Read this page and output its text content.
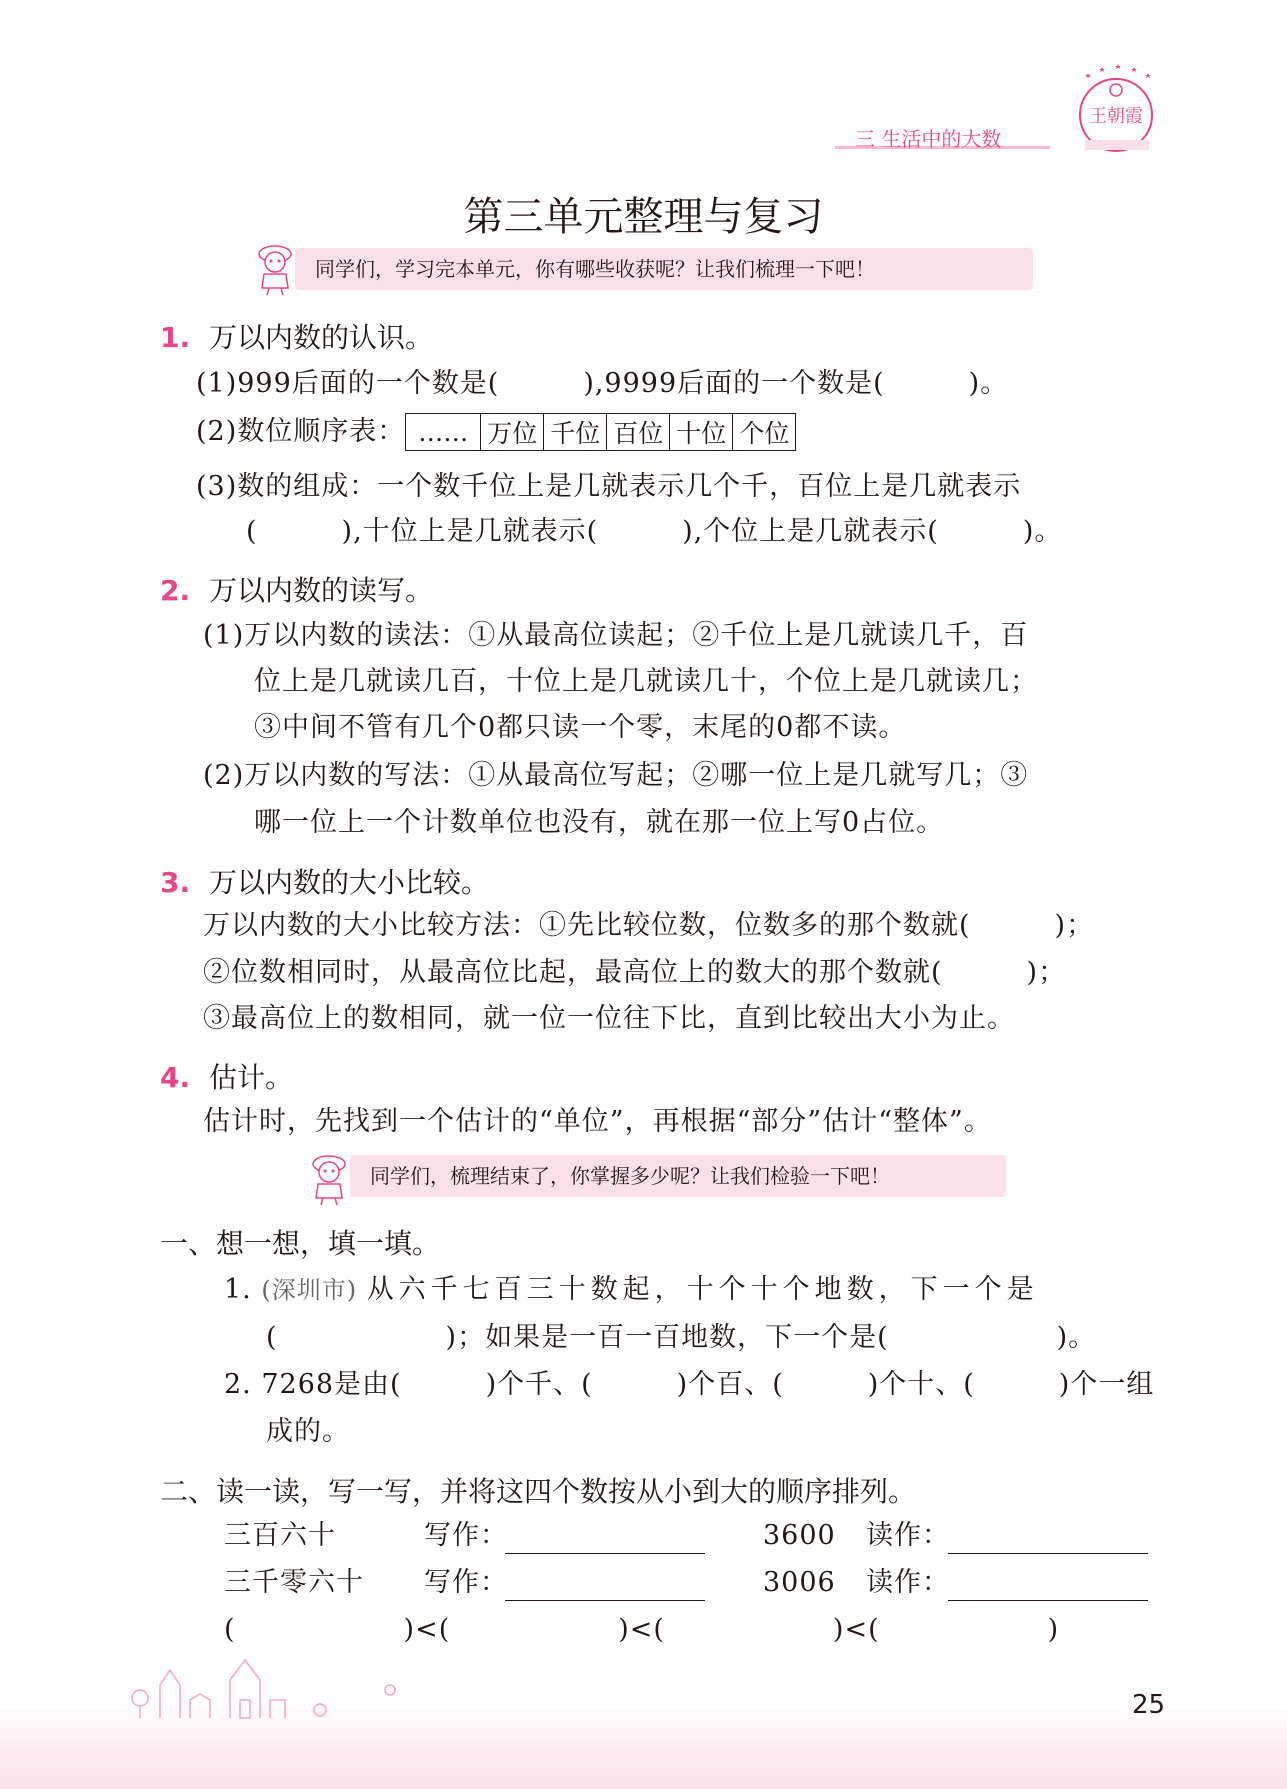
三 生活中的大数
王朝霞
第三单元整理与复习
同学们，学习完本单元，你有哪些收获呢？让我们梳理一下吧！
1. 万以内数的认识。
(1)999后面的一个数是(　　　),9999后面的一个数是(　　　)。
(2)数位顺序表： ……	万位	千位	百位	十位	个位
(3)数的组成：一个数千位上是几就表示几个千，百位上是几就表示
(　　　),十位上是几就表示(　　　),个位上是几就表示(　　　)。
2. 万以内数的读写。
(1)万以内数的读法：①从最高位读起；②千位上是几就读几千，百
位上是几就读几百，十位上是几就读几十，个位上是几就读几；
③中间不管有几个0都只读一个零，末尾的0都不读。
(2)万以内数的写法：①从最高位写起；②哪一位上是几就写几；③
哪一位上一个计数单位也没有，就在那一位上写0占位。
3. 万以内数的大小比较。
万以内数的大小比较方法：①先比较位数，位数多的那个数就(　　　)；
②位数相同时，从最高位比起，最高位上的数大的那个数就(　　　)；
③最高位上的数相同，就一位一位往下比，直到比较出大小为止。
4. 估计。
估计时，先找到一个估计的“单位”，再根据“部分”估计“整体”。
同学们，梳理结束了，你掌握多少呢？让我们检验一下吧！
一、想一想，填一填。
1. (深圳市) 从六千七百三十数起，十个十个地数，下一个是
(　　　　　　)；如果是一百一百地数，下一个是(　　　　　　)。
2. 7268是由(　　　)个千、(　　　)个百、(　　　)个十、(　　　)个一组
成的。
二、读一读，写一写，并将这四个数按从小到大的顺序排列。
三百六十	写作：	3600 读作：
三千零六十 写作：	3006 读作：
(　　　　　　)<(　　　　　　)<(　　　　　　)<(　　　　　　)
25
